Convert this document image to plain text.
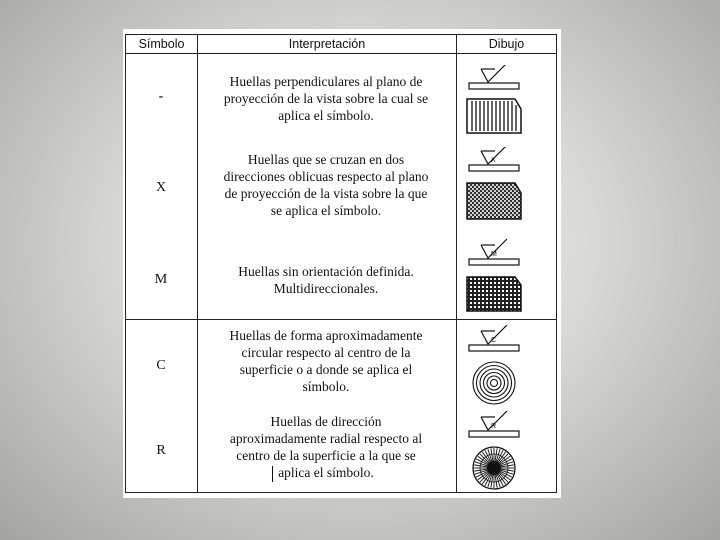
Símbolo	Interpretación	Dibujo
-
Huellas perpendiculares al plano de
proyección de la vista sobre la cual se
aplica el símbolo.
X
Huellas que se cruzan en dos
direcciones oblicuas respecto al plano
de proyección de la vista sobre la que
se aplica el símbolo.
X
M
Huellas sin orientación definida.
Multidireccionales.
M
C
Huellas de forma aproximadamente
circular respecto al centro de la
superficie o a donde se aplica el
símbolo.
C
R
Huellas de dirección
aproximadamente radial respecto al
centro de la superficie a la que se
aplica el símbolo.
R
